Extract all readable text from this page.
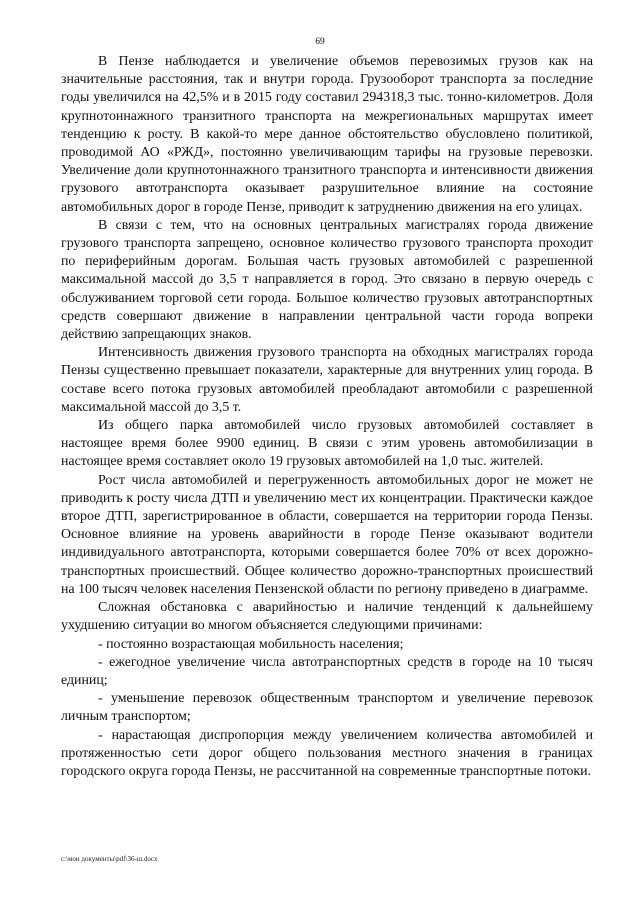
69

В Пензе наблюдается и увеличение объемов перевозимых грузов как на значительные расстояния, так и внутри города. Грузооборот транспорта за последние годы увеличился на 42,5% и в 2015 году составил 294318,3 тыс. тонно-километров. Доля крупнотоннажного транзитного транспорта на межрегиональных маршрутах имеет тенденцию к росту. В какой-то мере данное обстоятельство обусловлено политикой, проводимой АО «РЖД», постоянно увеличивающим тарифы на грузовые перевозки. Увеличение доли крупнотоннажного транзитного транспорта и интенсивности движения грузового автотранспорта оказывает разрушительное влияние на состояние автомобильных дорог в городе Пензе, приводит к затруднению движения на его улицах.

В связи с тем, что на основных центральных магистралях города движение грузового транспорта запрещено, основное количество грузового транспорта проходит по периферийным дорогам. Большая часть грузовых автомобилей с разрешенной максимальной массой до 3,5 т направляется в город. Это связано в первую очередь с обслуживанием торговой сети города. Большое количество грузовых автотранспортных средств совершают движение в направлении центральной части города вопреки действию запрещающих знаков.

Интенсивность движения грузового транспорта на обходных магистралях города Пензы существенно превышает показатели, характерные для внутренних улиц города. В составе всего потока грузовых автомобилей преобладают автомобили с разрешенной максимальной массой до 3,5 т.

Из общего парка автомобилей число грузовых автомобилей составляет в настоящее время более 9900 единиц. В связи с этим уровень автомобилизации в настоящее время составляет около 19 грузовых автомобилей на 1,0 тыс. жителей.

Рост числа автомобилей и перегруженность автомобильных дорог не может не приводить к росту числа ДТП и увеличению мест их концентрации. Практически каждое второе ДТП, зарегистрированное в области, совершается на территории города Пензы. Основное влияние на уровень аварийности в городе Пензе оказывают водители индивидуального автотранспорта, которыми совершается более 70% от всех дорожно-транспортных происшествий. Общее количество дорожно-транспортных происшествий на 100 тысяч человек населения Пензенской области по региону приведено в диаграмме.

Сложная обстановка с аварийностью и наличие тенденций к дальнейшему ухудшению ситуации во многом объясняется следующими причинами:

- постоянно возрастающая мобильность населения;

- ежегодное увеличение числа автотранспортных средств в городе на 10 тысяч единиц;

- уменьшение перевозок общественным транспортом и увеличение перевозок личным транспортом;

- нарастающая диспропорция между увеличением количества автомобилей и протяженностью сети дорог общего пользования местного значения в границах городского округа города Пензы, не рассчитанной на современные транспортные потоки.

c:\мои документы\pdf\36-ш.docx
